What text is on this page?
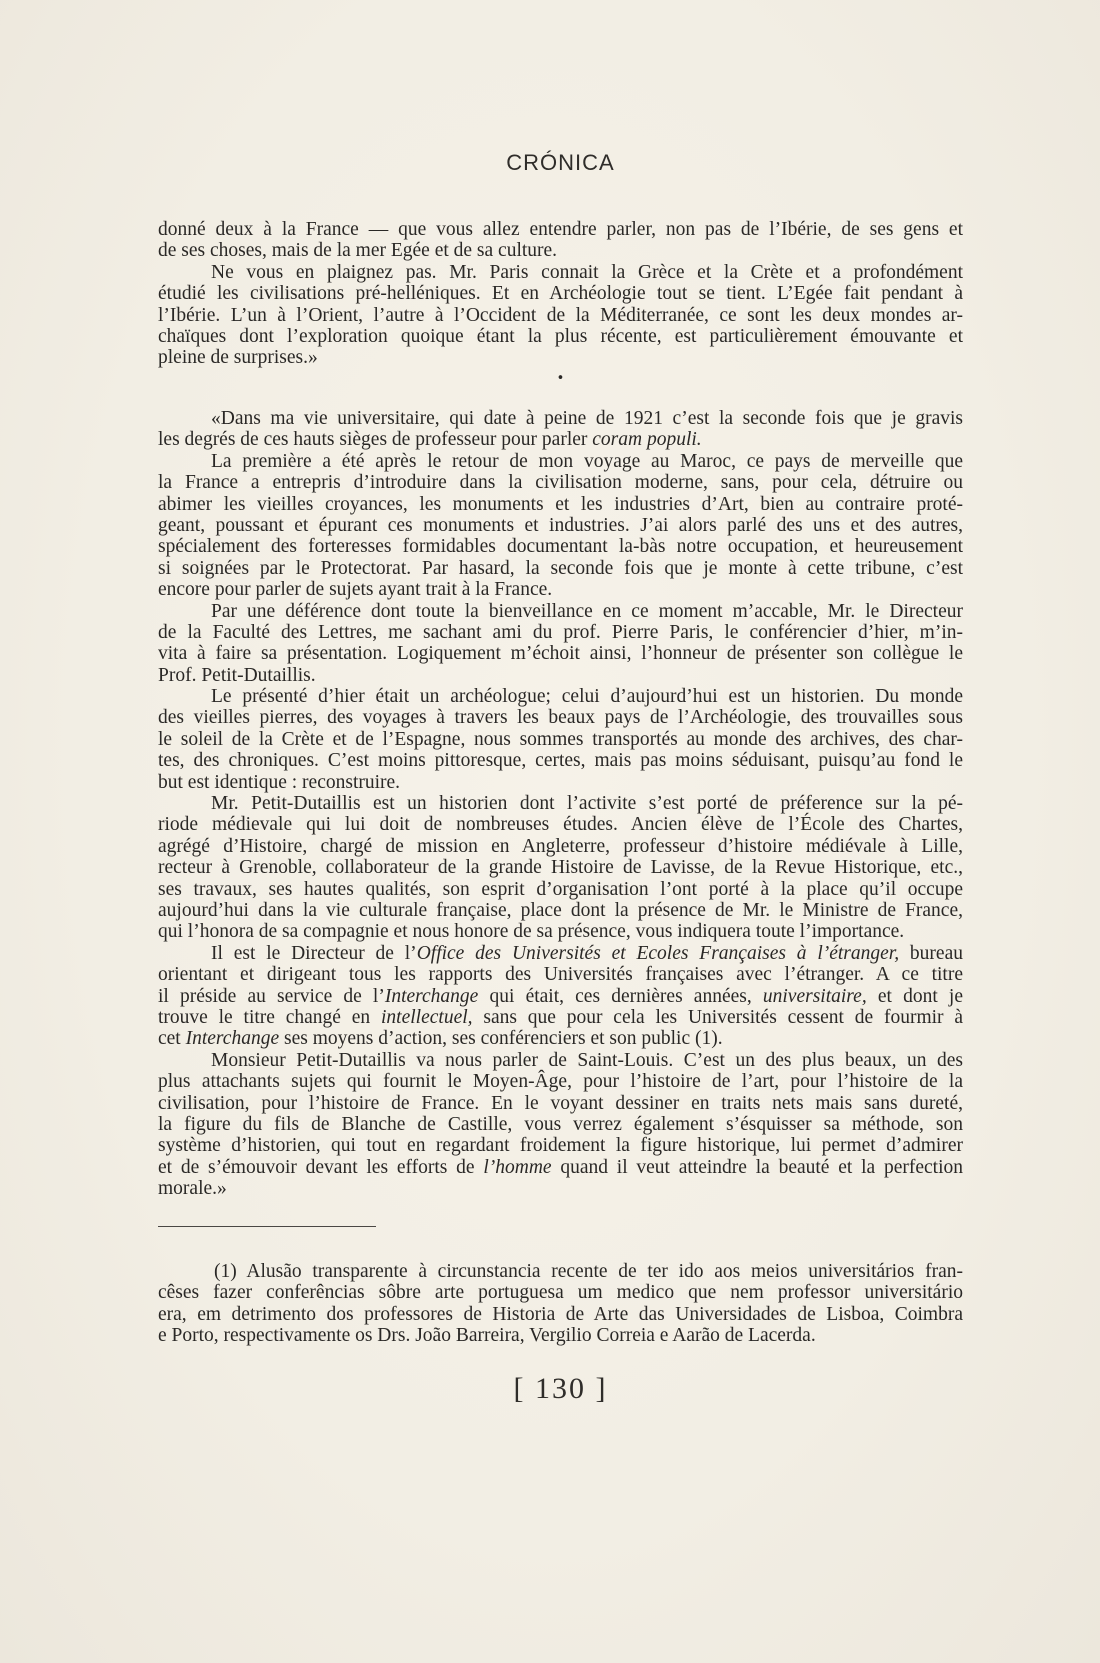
CRÓNICA
donné deux à la France — que vous allez entendre parler, non pas de l’Ibérie, de ses gens et
de ses choses, mais de la mer Egée et de sa culture.
Ne vous en plaignez pas. Mr. Paris connait la Grèce et la Crète et a profondément
étudié les civilisations pré-helléniques. Et en Archéologie tout se tient. L’Egée fait pendant à
l’Ibérie. L’un à l’Orient, l’autre à l’Occident de la Méditerranée, ce sont les deux mondes ar-
chaïques dont l’exploration quoique étant la plus récente, est particulièrement émouvante et
pleine de surprises.»
•
«Dans ma vie universitaire, qui date à peine de 1921 c’est la seconde fois que je gravis
les degrés de ces hauts sièges de professeur pour parler coram populi.
La première a été après le retour de mon voyage au Maroc, ce pays de merveille que
la France a entrepris d’introduire dans la civilisation moderne, sans, pour cela, détruire ou
abimer les vieilles croyances, les monuments et les industries d’Art, bien au contraire proté-
geant, poussant et épurant ces monuments et industries. J’ai alors parlé des uns et des autres,
spécialement des forteresses formidables documentant la-bàs notre occupation, et heureusement
si soignées par le Protectorat. Par hasard, la seconde fois que je monte à cette tribune, c’est
encore pour parler de sujets ayant trait à la France.
Par une déférence dont toute la bienveillance en ce moment m’accable, Mr. le Directeur
de la Faculté des Lettres, me sachant ami du prof. Pierre Paris, le conférencier d’hier, m’in-
vita à faire sa présentation. Logiquement m’échoit ainsi, l’honneur de présenter son collègue le
Prof. Petit-Dutaillis.
Le présenté d’hier était un archéologue; celui d’aujourd’hui est un historien. Du monde
des vieilles pierres, des voyages à travers les beaux pays de l’Archéologie, des trouvailles sous
le soleil de la Crète et de l’Espagne, nous sommes transportés au monde des archives, des char-
tes, des chroniques. C’est moins pittoresque, certes, mais pas moins séduisant, puisqu’au fond le
but est identique : reconstruire.
Mr. Petit-Dutaillis est un historien dont l’activite s’est porté de préference sur la pé-
riode médievale qui lui doit de nombreuses études. Ancien élève de l’École des Chartes,
agrégé d’Histoire, chargé de mission en Angleterre, professeur d’histoire médiévale à Lille,
recteur à Grenoble, collaborateur de la grande Histoire de Lavisse, de la Revue Historique, etc.,
ses travaux, ses hautes qualités, son esprit d’organisation l’ont porté à la place qu’il occupe
aujourd’hui dans la vie culturale française, place dont la présence de Mr. le Ministre de France,
qui l’honora de sa compagnie et nous honore de sa présence, vous indiquera toute l’importance.
Il est le Directeur de l’Office des Universités et Ecoles Françaises à l’étranger, bureau
orientant et dirigeant tous les rapports des Universités françaises avec l’étranger. A ce titre
il préside au service de l’Interchange qui était, ces dernières années, universitaire, et dont je
trouve le titre changé en intellectuel, sans que pour cela les Universités cessent de fourmir à
cet Interchange ses moyens d’action, ses conférenciers et son public (1).
Monsieur Petit-Dutaillis va nous parler de Saint-Louis. C’est un des plus beaux, un des
plus attachants sujets qui fournit le Moyen-Âge, pour l’histoire de l’art, pour l’histoire de la
civilisation, pour l’histoire de France. En le voyant dessiner en traits nets mais sans dureté,
la figure du fils de Blanche de Castille, vous verrez également s’ésquisser sa méthode, son
système d’historien, qui tout en regardant froidement la figure historique, lui permet d’admirer
et de s’émouvoir devant les efforts de l’homme quand il veut atteindre la beauté et la perfection
morale.»
(1) Alusão transparente à circunstancia recente de ter ido aos meios universitários fran-
cêses fazer conferências sôbre arte portuguesa um medico que nem professor universitário
era, em detrimento dos professores de Historia de Arte das Universidades de Lisboa, Coimbra
e Porto, respectivamente os Drs. João Barreira, Vergilio Correia e Aarão de Lacerda.
[ 130 ]
